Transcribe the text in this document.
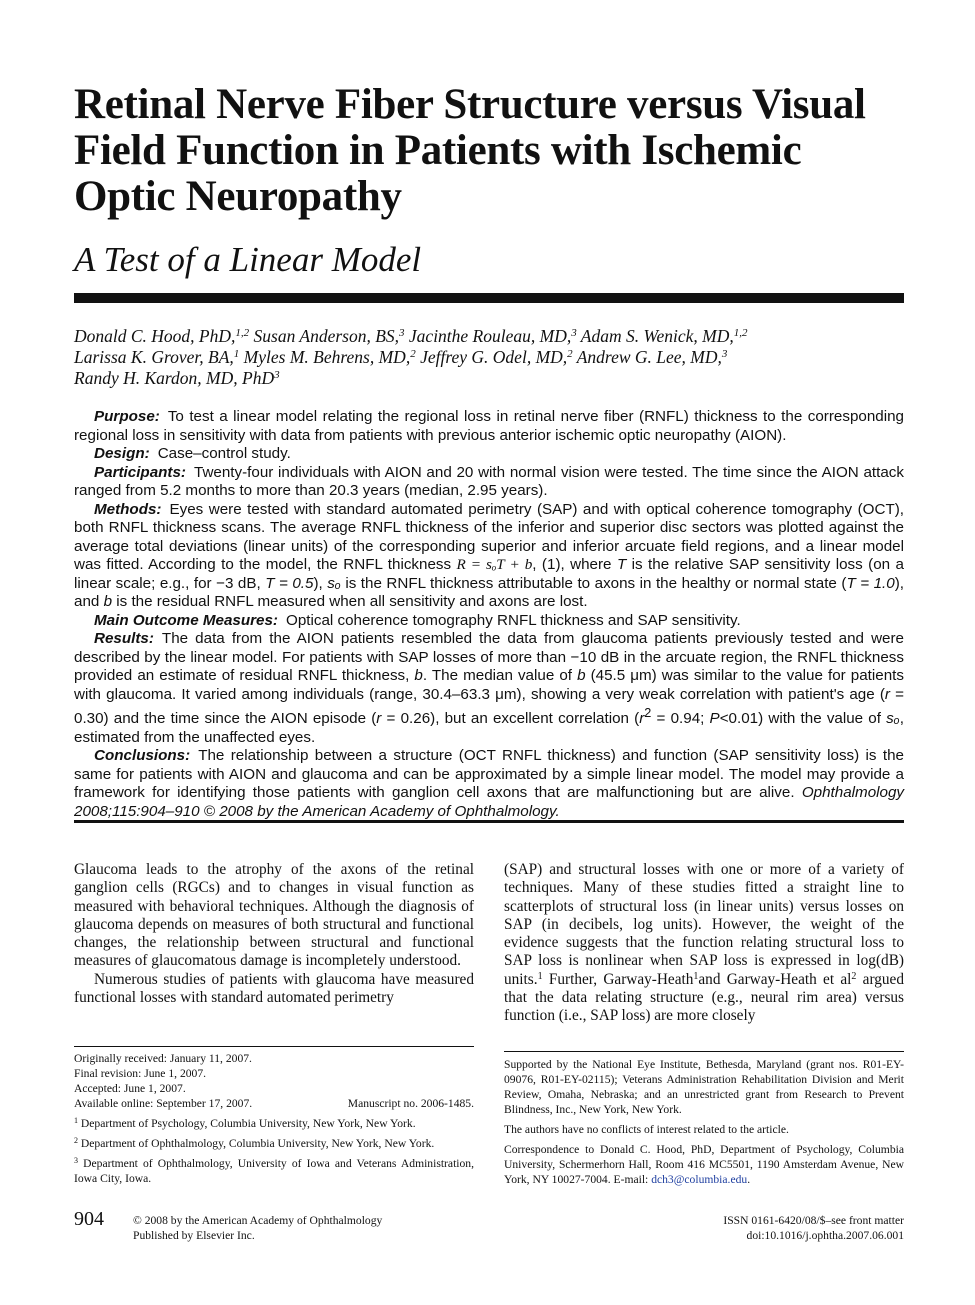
Retinal Nerve Fiber Structure versus Visual
Field Function in Patients with Ischemic
Optic Neuropathy
A Test of a Linear Model
Donald C. Hood, PhD,$^{1,2}$ Susan Anderson, BS,$^3$ Jacinthe Rouleau, MD,$^3$ Adam S. Wenick, MD,$^{1,2}$
Larissa K. Grover, BA,$^1$ Myles M. Behrens, MD,$^2$ Jeffrey G. Odel, MD,$^2$ Andrew G. Lee, MD,$^3$
Randy H. Kardon, MD, PhD$^3$

Purpose: To test a linear model relating the regional loss in retinal nerve fiber (RNFL) thickness to the corresponding regional loss in sensitivity with data from patients with previous anterior ischemic optic neuropathy (AION).

Design: Case–control study.

Participants: Twenty-four individuals with AION and 20 with normal vision were tested. The time since the AION attack ranged from 5.2 months to more than 20.3 years (median, 2.95 years).

Methods: Eyes were tested with standard automated perimetry (SAP) and with optical coherence tomography (OCT), both RNFL thickness scans. The average RNFL thickness of the inferior and superior disc sectors was plotted against the average total deviations (linear units) of the corresponding superior and inferior arcuate field regions, and a linear model was fitted. According to the model, the RNFL thickness R = sₒT + b, (1), where T is the relative SAP sensitivity loss (on a linear scale; e.g., for −3 dB, T = 0.5), sₒ is the RNFL thickness attributable to axons in the healthy or normal state (T = 1.0), and b is the residual RNFL measured when all sensitivity and axons are lost.

Main Outcome Measures: Optical coherence tomography RNFL thickness and SAP sensitivity.

Results: The data from the AION patients resembled the data from glaucoma patients previously tested and were described by the linear model. For patients with SAP losses of more than −10 dB in the arcuate region, the RNFL thickness provided an estimate of residual RNFL thickness, b. The median value of b (45.5 μm) was similar to the value for patients with glaucoma. It varied among individuals (range, 30.4–63.3 μm), showing a very weak correlation with patient's age (r = 0.30) and the time since the AION episode (r = 0.26), but an excellent correlation ($r^2 = 0.94$; P<0.01) with the value of sₒ, estimated from the unaffected eyes.

Conclusions: The relationship between a structure (OCT RNFL thickness) and function (SAP sensitivity loss) is the same for patients with AION and glaucoma and can be approximated by a simple linear model. The model may provide a framework for identifying those patients with ganglion cell axons that are malfunctioning but are alive. Ophthalmology 2008;115:904–910 © 2008 by the American Academy of Ophthalmology.

Glaucoma leads to the atrophy of the axons of the retinal ganglion cells (RGCs) and to changes in visual function as measured with behavioral techniques. Although the diagnosis of glaucoma depends on measures of both structural and functional changes, the relationship between structural and functional measures of glaucomatous damage is incompletely understood.

Numerous studies of patients with glaucoma have measured functional losses with standard automated perimetry

(SAP) and structural losses with one or more of a variety of techniques. Many of these studies fitted a straight line to scatterplots of structural loss (in linear units) versus losses on SAP (in decibels, log units). However, the weight of the evidence suggests that the function relating structural loss to SAP loss is nonlinear when SAP loss is expressed in log(dB) units.$^1$ Further, Garway-Heath$^1$and Garway-Heath et $al^2$ argued that the data relating structure (e.g., neural rim area) versus function (i.e., SAP loss) are more closely

Originally received: January 11, 2007.

Final revision: June 1, 2007.

Accepted: June 1, 2007.

Available online: September 17, 2007.	Manuscript no. 2006-1485.

$^1$ Department of Psychology, Columbia University, New York, New York.

$^2$ Department of Ophthalmology, Columbia University, New York, New York.

$^3$ Department of Ophthalmology, University of Iowa and Veterans Administration, Iowa City, Iowa.

Supported by the National Eye Institute, Bethesda, Maryland (grant nos. R01-EY-09076, R01-EY-02115); Veterans Administration Rehabilitation Division and Merit Review, Omaha, Nebraska; and an unrestricted grant from Research to Prevent Blindness, Inc., New York, New York.

The authors have no conflicts of interest related to the article.

Correspondence to Donald C. Hood, PhD, Department of Psychology, Columbia University, Schermerhorn Hall, Room 416 MC5501, 1190 Amsterdam Avenue, New York, NY 10027-7004. E-mail: dch3@columbia.edu.

904	© 2008 by the American Academy of Ophthalmology
Published by Elsevier Inc.
ISSN 0161-6420/08/$–see front matter
doi:10.1016/j.ophtha.2007.06.001
